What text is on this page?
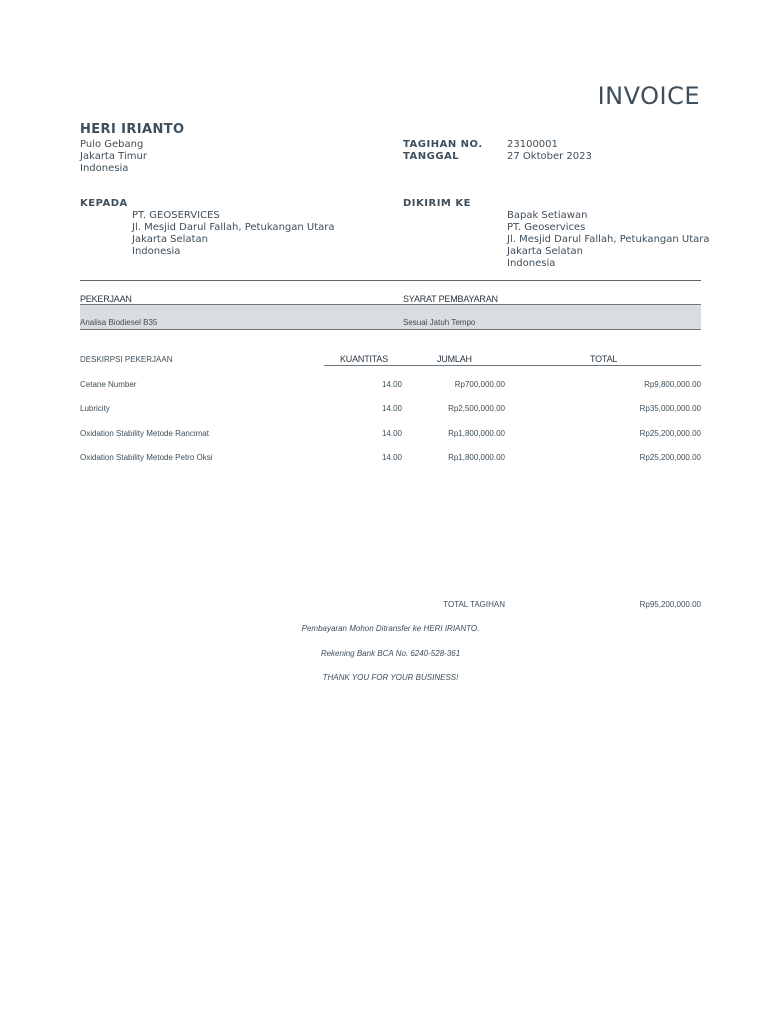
INVOICE
HERI IRIANTO
Pulo Gebang
Jakarta Timur
Indonesia
TAGIHAN NO. 23100001
TANGGAL	27 Oktober 2023
KEPADA
PT. GEOSERVICES
Jl. Mesjid Darul Fallah, Petukangan Utara
Jakarta Selatan
Indonesia
DIKIRIM KE
Bapak Setiawan
PT. Geoservices
Jl. Mesjid Darul Fallah, Petukangan Utara
Jakarta Selatan
Indonesia
PEKERJAAN	SYARAT PEMBAYARAN
Analisa Biodiesel B35	Sesuai Jatuh Tempo
DESKIRPSI PEKERJAAN	KUANTITAS	JUMLAH	TOTAL
Cetane Number	14.00	Rp700,000.00	Rp9,800,000.00
Lubricity	14.00	Rp2,500,000.00	Rp35,000,000.00
Oxidation Stability Metode Rancimat	14.00	Rp1,800,000.00	Rp25,200,000.00
Oxidation Stability Metode Petro Oksi	14.00	Rp1,800,000.00	Rp25,200,000.00
TOTAL TAGIHAN	Rp95,200,000.00
Pembayaran Mohon Ditransfer ke HERI IRIANTO.
Rekening Bank BCA No. 6240-528-361
THANK YOU FOR YOUR BUSINESS!
